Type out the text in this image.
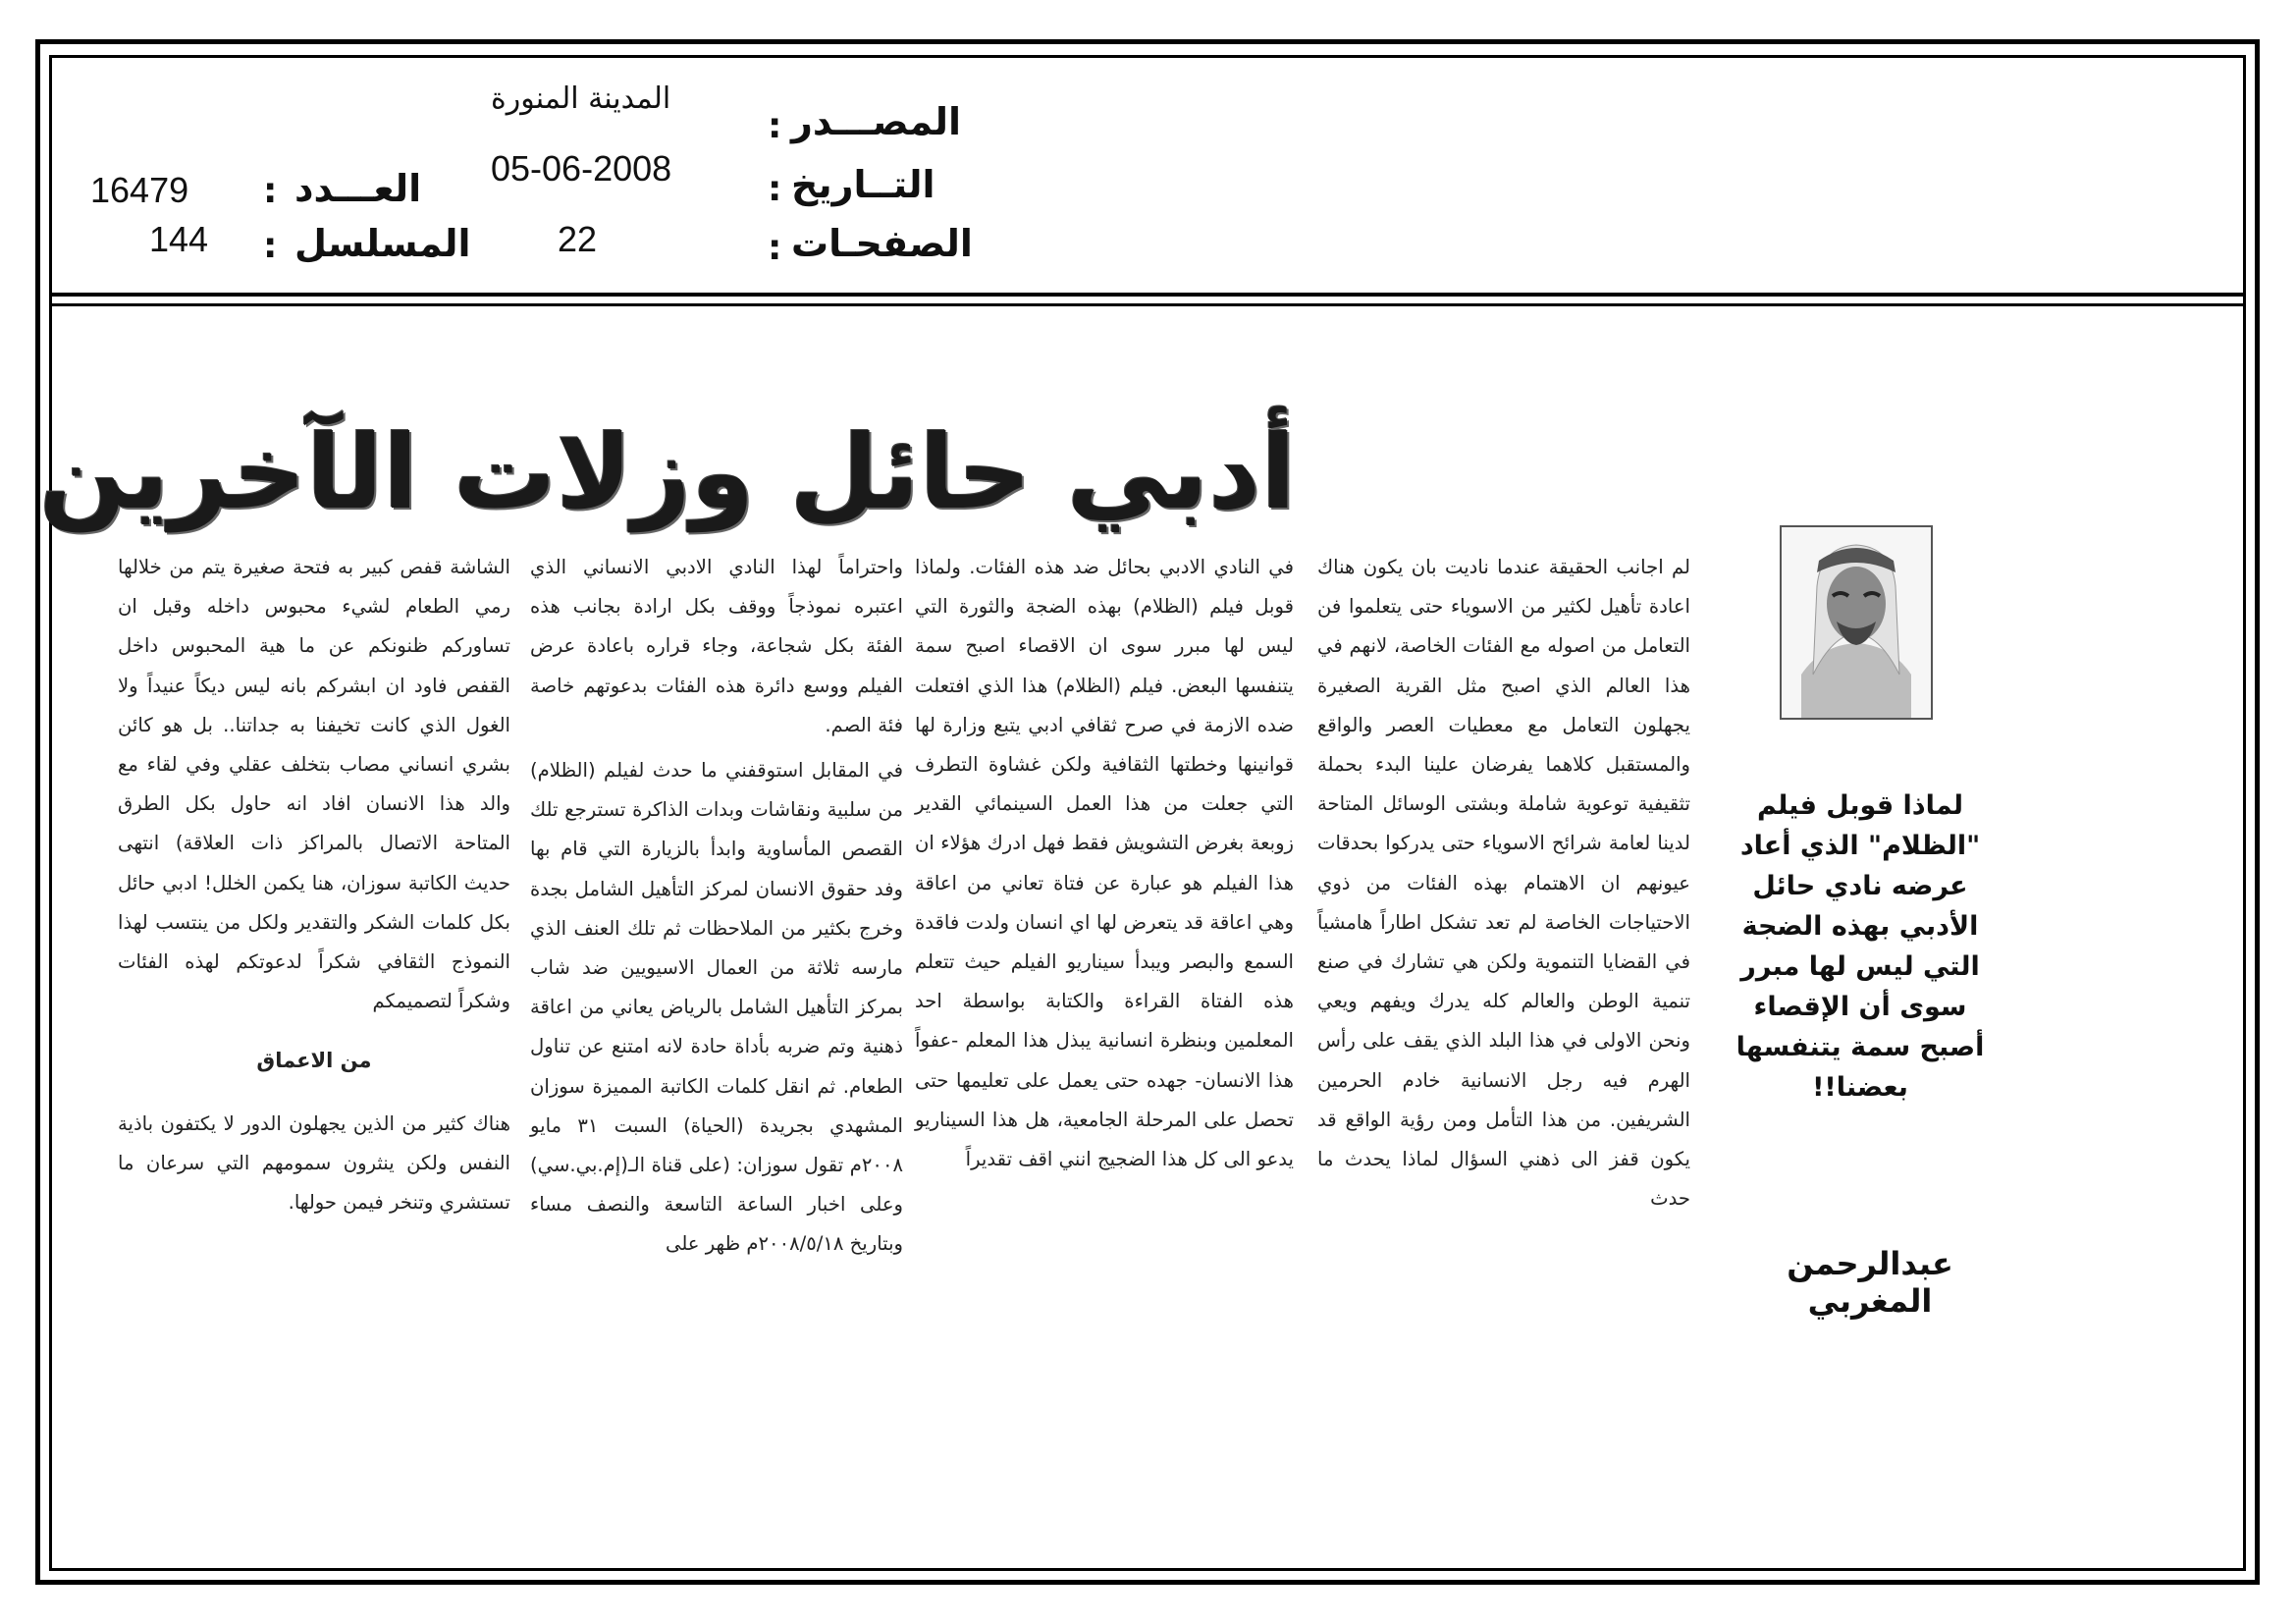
المصـــدر
التــاريخ
الصفحـات
:
:
:
المدينة المنورة
05-06-2008
22
العـــدد
المسلسل
:
:
16479
144
أدبي حائل وزلات الآخرين
لماذا قوبل فيلم "الظلام" الذي أعاد عرضه نادي حائل الأدبي بهذه الضجة التي ليس لها مبرر سوى أن الإقصاء أصبح سمة يتنفسها بعضنا!!
عبدالرحمن المغربي

لم اجانب الحقيقة عندما ناديت بان يكون هناك اعادة تأهيل لكثير من الاسوياء حتى يتعلموا فن التعامل من اصوله مع الفئات الخاصة، لانهم في هذا العالم الذي اصبح مثل القرية الصغيرة يجهلون التعامل مع معطيات العصر والواقع والمستقبل كلاهما يفرضان علينا البدء بحملة تثقيفية توعوية شاملة وبشتى الوسائل المتاحة لدينا لعامة شرائح الاسوياء حتى يدركوا بحدقات عيونهم ان الاهتمام بهذه الفئات من ذوي الاحتياجات الخاصة لم تعد تشكل اطاراً هامشياً في القضايا التنموية ولكن هي تشارك في صنع تنمية الوطن والعالم كله يدرك ويفهم ويعي ونحن الاولى في هذا البلد الذي يقف على رأس الهرم فيه رجل الانسانية خادم الحرمين الشريفين. من هذا التأمل ومن رؤية الواقع قد يكون قفز الى ذهني السؤال لماذا يحدث ما حدث

في النادي الادبي بحائل ضد هذه الفئات. ولماذا قوبل فيلم (الظلام) بهذه الضجة والثورة التي ليس لها مبرر سوى ان الاقصاء اصبح سمة يتنفسها البعض. فيلم (الظلام) هذا الذي افتعلت ضده الازمة في صرح ثقافي ادبي يتبع وزارة لها قوانينها وخطتها الثقافية ولكن غشاوة التطرف التي جعلت من هذا العمل السينمائي القدير زوبعة بغرض التشويش فقط فهل ادرك هؤلاء ان هذا الفيلم هو عبارة عن فتاة تعاني من اعاقة وهي اعاقة قد يتعرض لها اي انسان ولدت فاقدة السمع والبصر ويبدأ سيناريو الفيلم حيث تتعلم هذه الفتاة القراءة والكتابة بواسطة احد المعلمين وبنظرة انسانية يبذل هذا المعلم -عفواً هذا الانسان- جهده حتى يعمل على تعليمها حتى تحصل على المرحلة الجامعية، هل هذا السيناريو يدعو الى كل هذا الضجيج انني اقف تقديراً

واحتراماً لهذا النادي الادبي الانساني الذي اعتبره نموذجاً ووقف بكل ارادة بجانب هذه الفئة بكل شجاعة، وجاء قراره باعادة عرض الفيلم ووسع دائرة هذه الفئات بدعوتهم خاصة فئة الصم.

في المقابل استوقفني ما حدث لفيلم (الظلام) من سلبية ونقاشات وبدات الذاكرة تسترجع تلك القصص المأساوية وابدأ بالزيارة التي قام بها وفد حقوق الانسان لمركز التأهيل الشامل بجدة وخرج بكثير من الملاحظات ثم تلك العنف الذي مارسه ثلاثة من العمال الاسيويين ضد شاب بمركز التأهيل الشامل بالرياض يعاني من اعاقة ذهنية وتم ضربه بأداة حادة لانه امتنع عن تناول الطعام. ثم انقل كلمات الكاتبة المميزة سوزان المشهدي بجريدة (الحياة) السبت ٣١ مايو ٢٠٠٨م تقول سوزان: (على قناة الـ(إم.بي.سي) وعلى اخبار الساعة التاسعة والنصف مساء وبتاريخ ٢٠٠٨/٥/١٨م ظهر على

الشاشة قفص كبير به فتحة صغيرة يتم من خلالها رمي الطعام لشيء محبوس داخله وقبل ان تساوركم ظنونكم عن ما هية المحبوس داخل القفص فاود ان ابشركم بانه ليس ديكاً عنيداً ولا الغول الذي كانت تخيفنا به جداتنا.. بل هو كائن بشري انساني مصاب بتخلف عقلي وفي لقاء مع والد هذا الانسان افاد انه حاول بكل الطرق المتاحة الاتصال بالمراكز ذات العلاقة) انتهى حديث الكاتبة سوزان، هنا يكمن الخلل! ادبي حائل بكل كلمات الشكر والتقدير ولكل من ينتسب لهذا النموذج الثقافي شكراً لدعوتكم لهذه الفئات وشكراً لتصميمكم

من الاعماق

هناك كثير من الذين يجهلون الدور لا يكتفون باذية النفس ولكن ينثرون سمومهم التي سرعان ما تستشري وتنخر فيمن حولها.
